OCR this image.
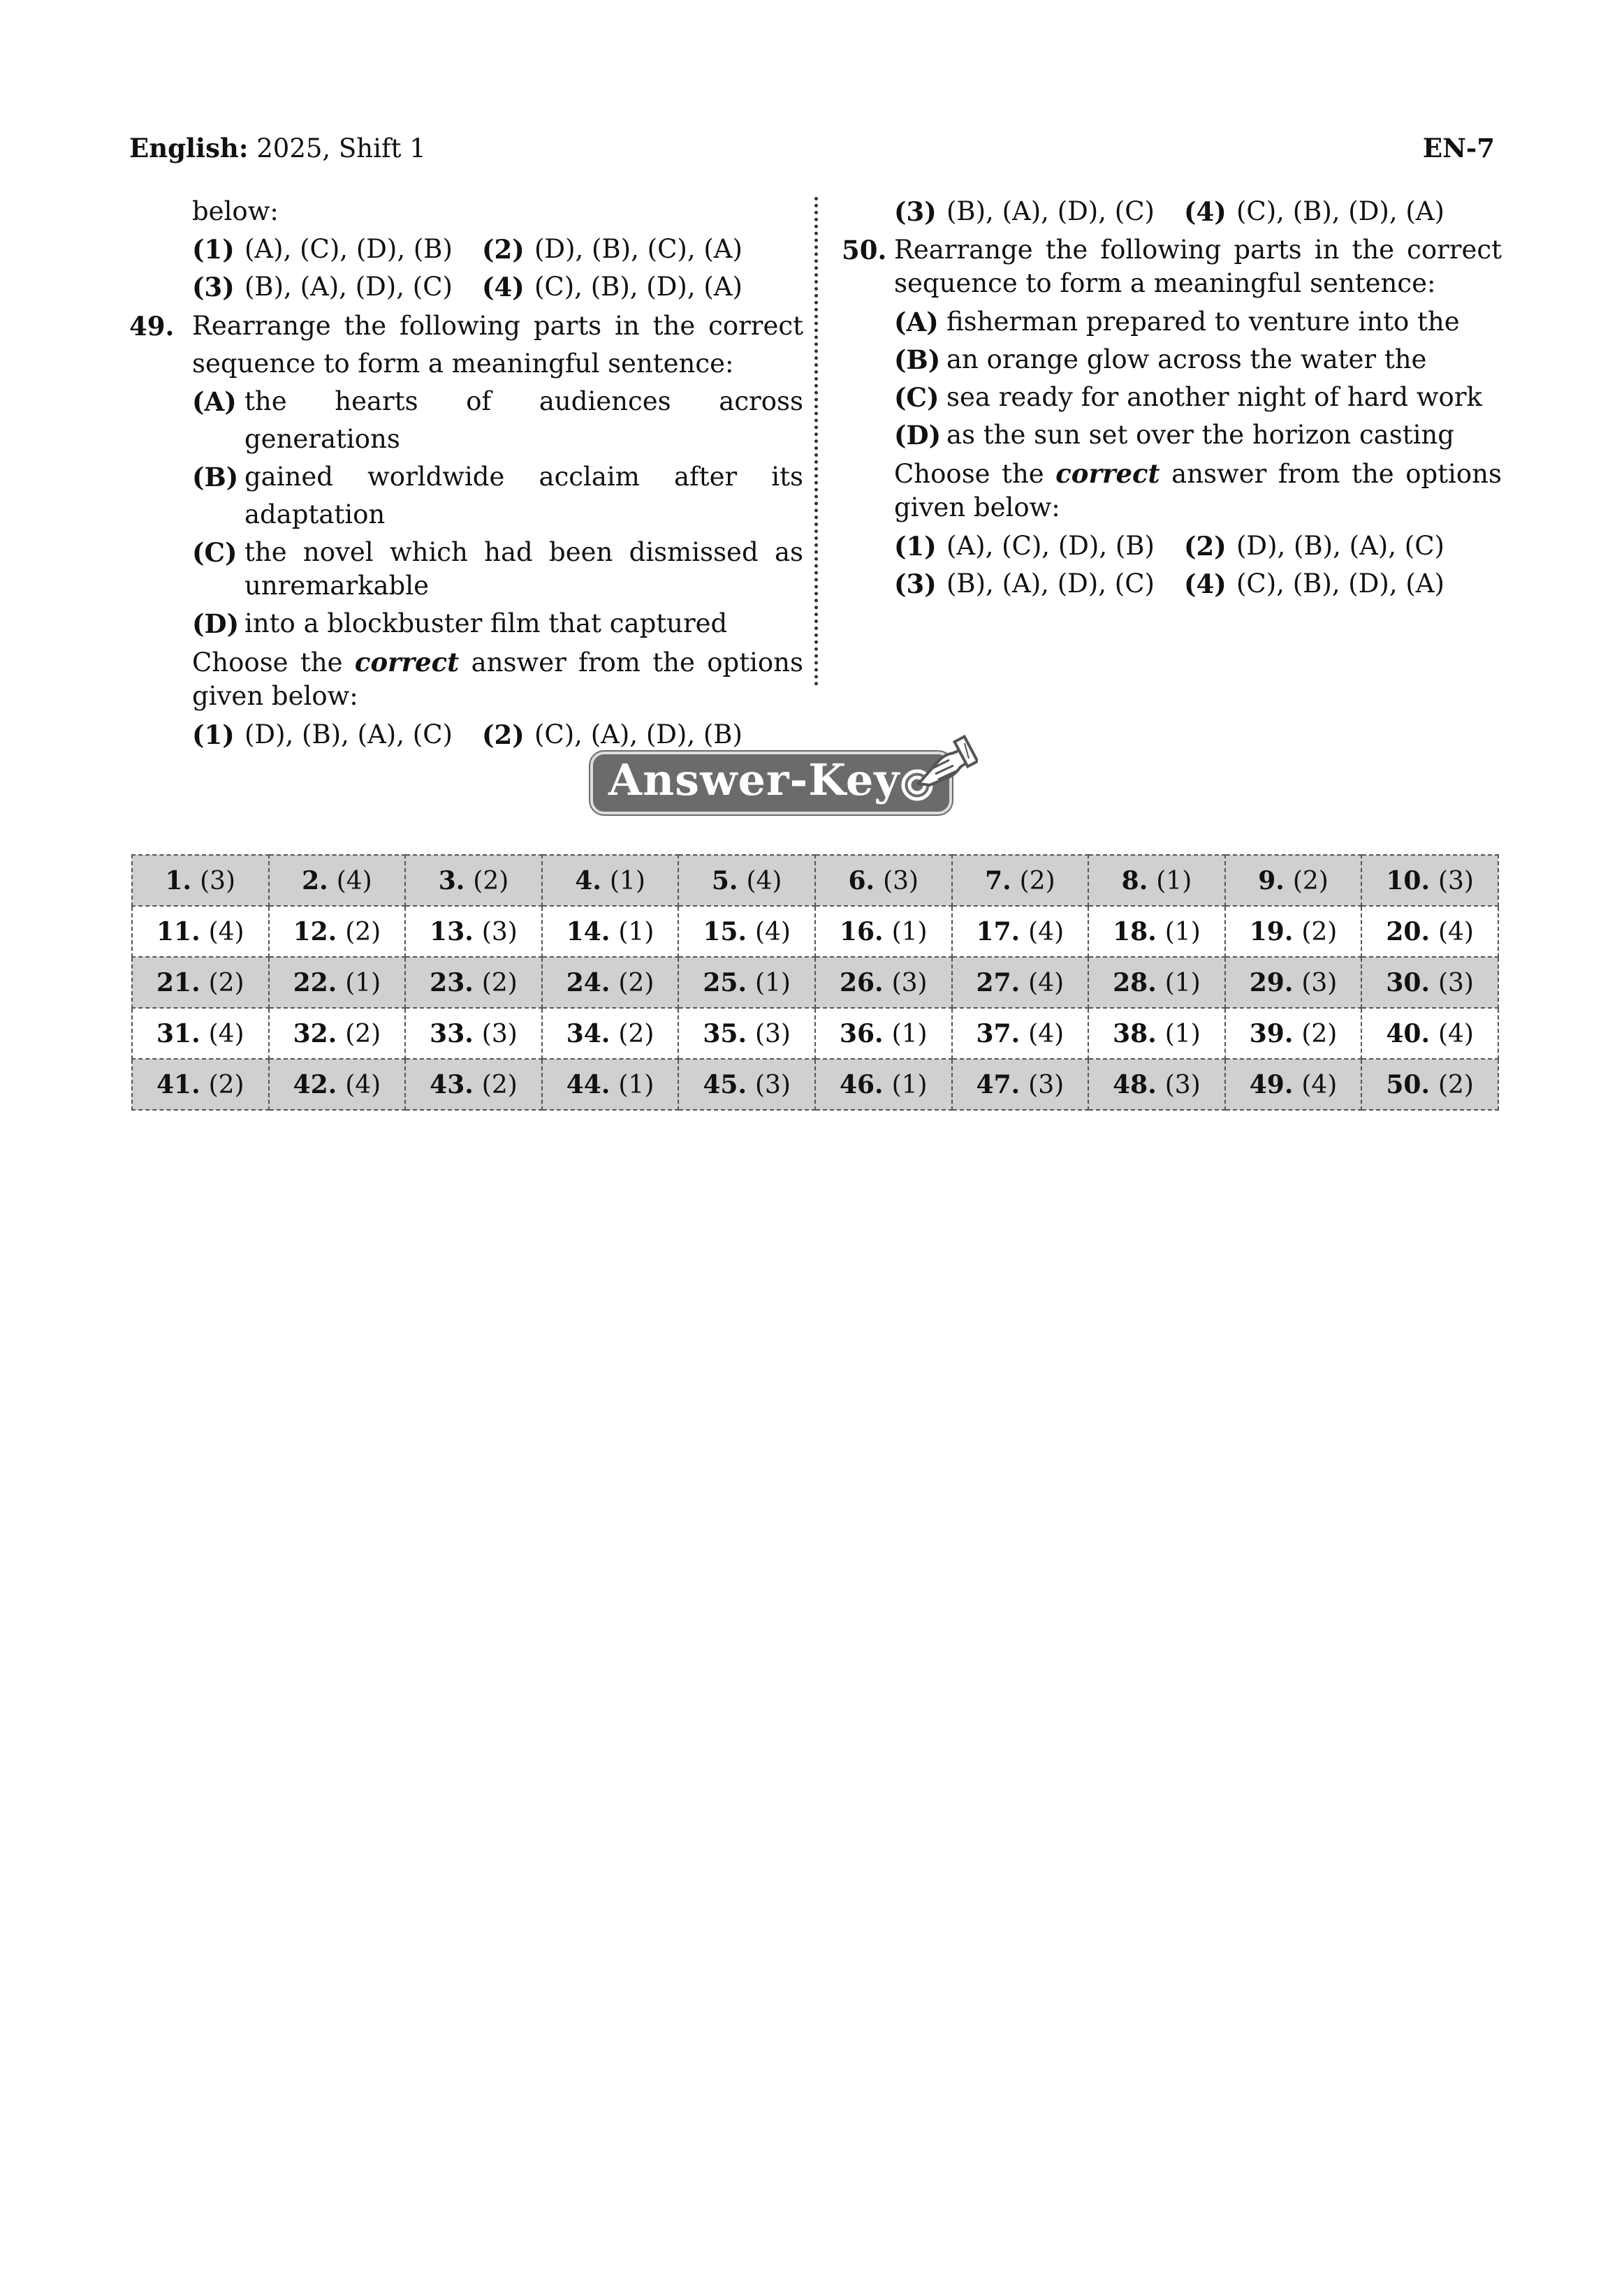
English: 2025, Shift 1	EN-7
below:
(1) (A), (C), (D), (B) (2) (D), (B), (C), (A)
(3) (B), (A), (D), (C) (4) (C), (B), (D), (A)
49. Rearrange the following parts in the correct sequence to form a meaningful sentence:
(A) the hearts of audiences across generations
(B) gained worldwide acclaim after its adaptation
(C) the novel which had been dismissed as
unremarkable
(D) into a blockbuster film that captured
Choose the correct answer from the options given below:
(1) (D), (B), (A), (C) (2) (C), (A), (D), (B)
(3) (B), (A), (D), (C) (4) (C), (B), (D), (A)
50. Rearrange the following parts in the correct sequence to form a meaningful sentence:
(A) fisherman prepared to venture into the
(B) an orange glow across the water the
(C) sea ready for another night of hard work
(D) as the sun set over the horizon casting
Choose the correct answer from the options given below:
(1) (A), (C), (D), (B) (2) (D), (B), (A), (C)
(3) (B), (A), (D), (C) (4) (C), (B), (D), (A)
Answer-Key
1. (3)	2. (4)	3. (2)	4. (1)	5. (4)	6. (3)	7. (2)	8. (1)	9. (2)	10. (3)
11. (4)	12. (2)	13. (3)	14. (1)	15. (4)	16. (1)	17. (4)	18. (1)	19. (2)	20. (4)
21. (2)	22. (1)	23. (2)	24. (2)	25. (1)	26. (3)	27. (4)	28. (1)	29. (3)	30. (3)
31. (4)	32. (2)	33. (3)	34. (2)	35. (3)	36. (1)	37. (4)	38. (1)	39. (2)	40. (4)
41. (2)	42. (4)	43. (2)	44. (1)	45. (3)	46. (1)	47. (3)	48. (3)	49. (4)	50. (2)
